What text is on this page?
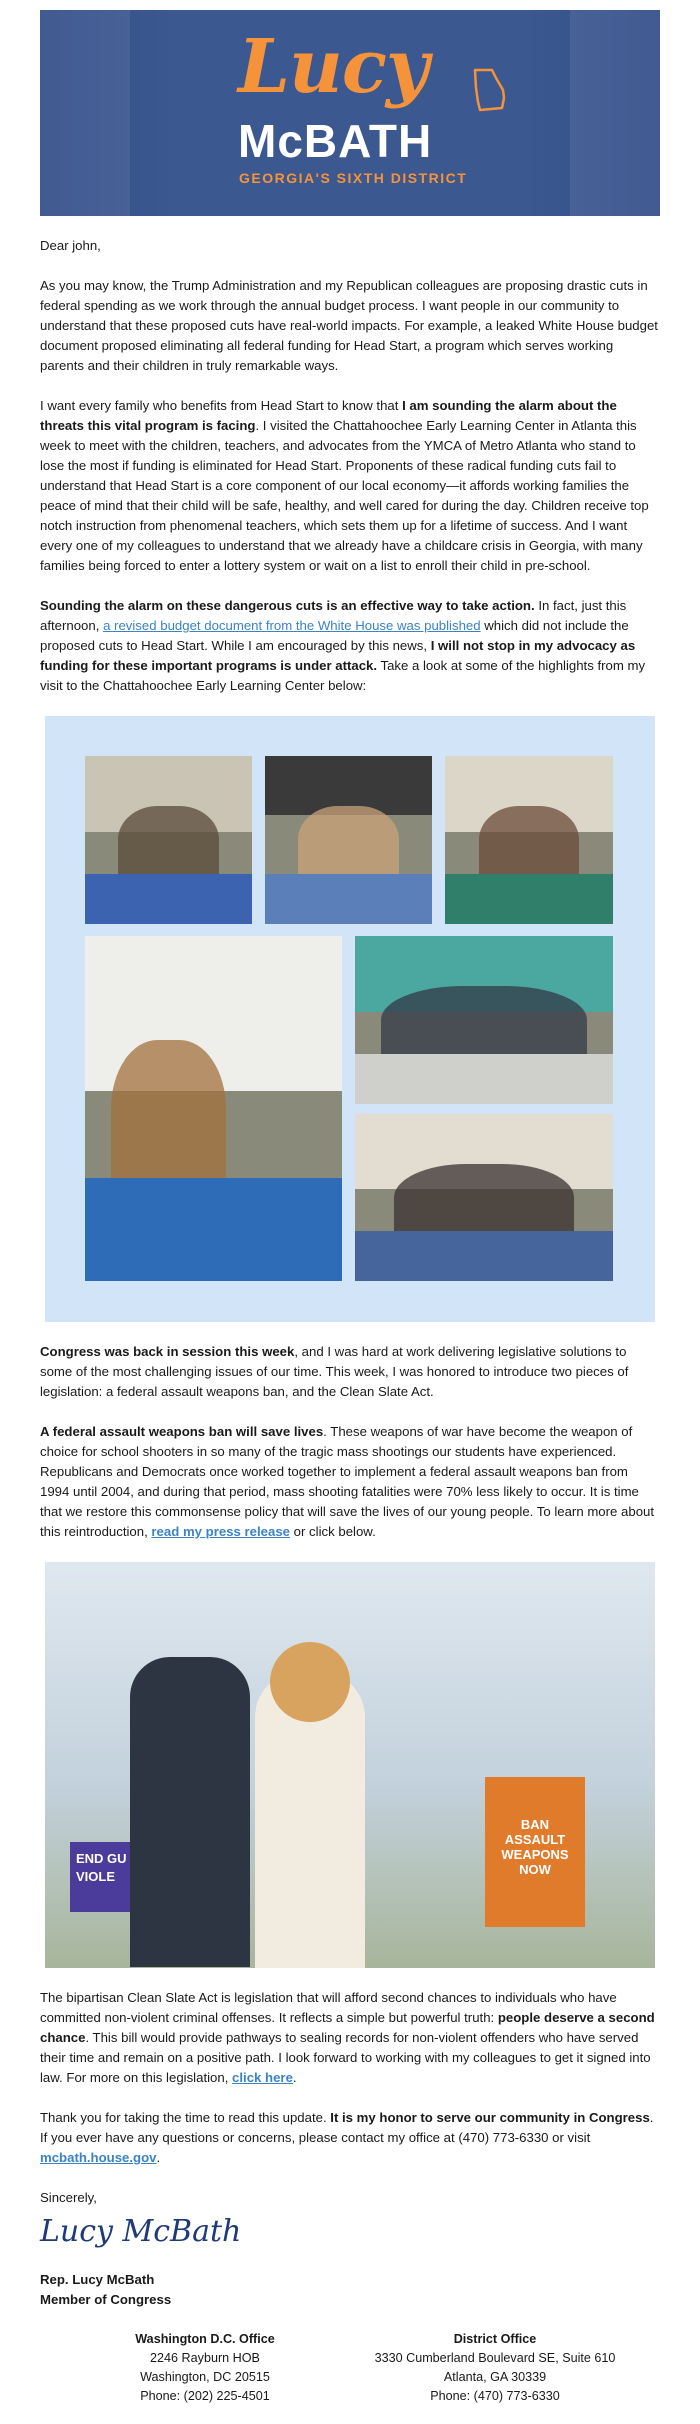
Lucy
McBATH
GEORGIA'S SIXTH DISTRICT

Dear john,

As you may know, the Trump Administration and my Republican colleagues are proposing drastic cuts in federal spending as we work through the annual budget process. I want people in our community to understand that these proposed cuts have real-world impacts. For example, a leaked White House budget document proposed eliminating all federal funding for Head Start, a program which serves working parents and their children in truly remarkable ways.

I want every family who benefits from Head Start to know that I am sounding the alarm about the threats this vital program is facing. I visited the Chattahoochee Early Learning Center in Atlanta this week to meet with the children, teachers, and advocates from the YMCA of Metro Atlanta who stand to lose the most if funding is eliminated for Head Start. Proponents of these radical funding cuts fail to understand that Head Start is a core component of our local economy—it affords working families the peace of mind that their child will be safe, healthy, and well cared for during the day. Children receive top notch instruction from phenomenal teachers, which sets them up for a lifetime of success. And I want every one of my colleagues to understand that we already have a childcare crisis in Georgia, with many families being forced to enter a lottery system or wait on a list to enroll their child in pre-school.

Sounding the alarm on these dangerous cuts is an effective way to take action. In fact, just this afternoon, a revised budget document from the White House was published which did not include the proposed cuts to Head Start. While I am encouraged by this news, I will not stop in my advocacy as funding for these important programs is under attack. Take a look at some of the highlights from my visit to the Chattahoochee Early Learning Center below:

Congress was back in session this week, and I was hard at work delivering legislative solutions to some of the most challenging issues of our time. This week, I was honored to introduce two pieces of legislation: a federal assault weapons ban, and the Clean Slate Act.

A federal assault weapons ban will save lives. These weapons of war have become the weapon of choice for school shooters in so many of the tragic mass shootings our students have experienced. Republicans and Democrats once worked together to implement a federal assault weapons ban from 1994 until 2004, and during that period, mass shooting fatalities were 70% less likely to occur. It is time that we restore this commonsense policy that will save the lives of our young people. To learn more about this reintroduction, read my press release or click below.

END GU VIOLE
BAN ASSAULT WEAPONS NOW

The bipartisan Clean Slate Act is legislation that will afford second chances to individuals who have committed non-violent criminal offenses. It reflects a simple but powerful truth: people deserve a second chance. This bill would provide pathways to sealing records for non-violent offenders who have served their time and remain on a positive path. I look forward to working with my colleagues to get it signed into law. For more on this legislation, click here.

Thank you for taking the time to read this update. It is my honor to serve our community in Congress. If you ever have any questions or concerns, please contact my office at (470) 773-6330 or visit mcbath.house.gov.

Sincerely,

Lucy McBath

Rep. Lucy McBath
Member of Congress

Washington D.C. Office
2246 Rayburn HOB
Washington, DC 20515
Phone: (202) 225-4501
District Office
3330 Cumberland Boulevard SE, Suite 610
Atlanta, GA 30339
Phone: (470) 773-6330
